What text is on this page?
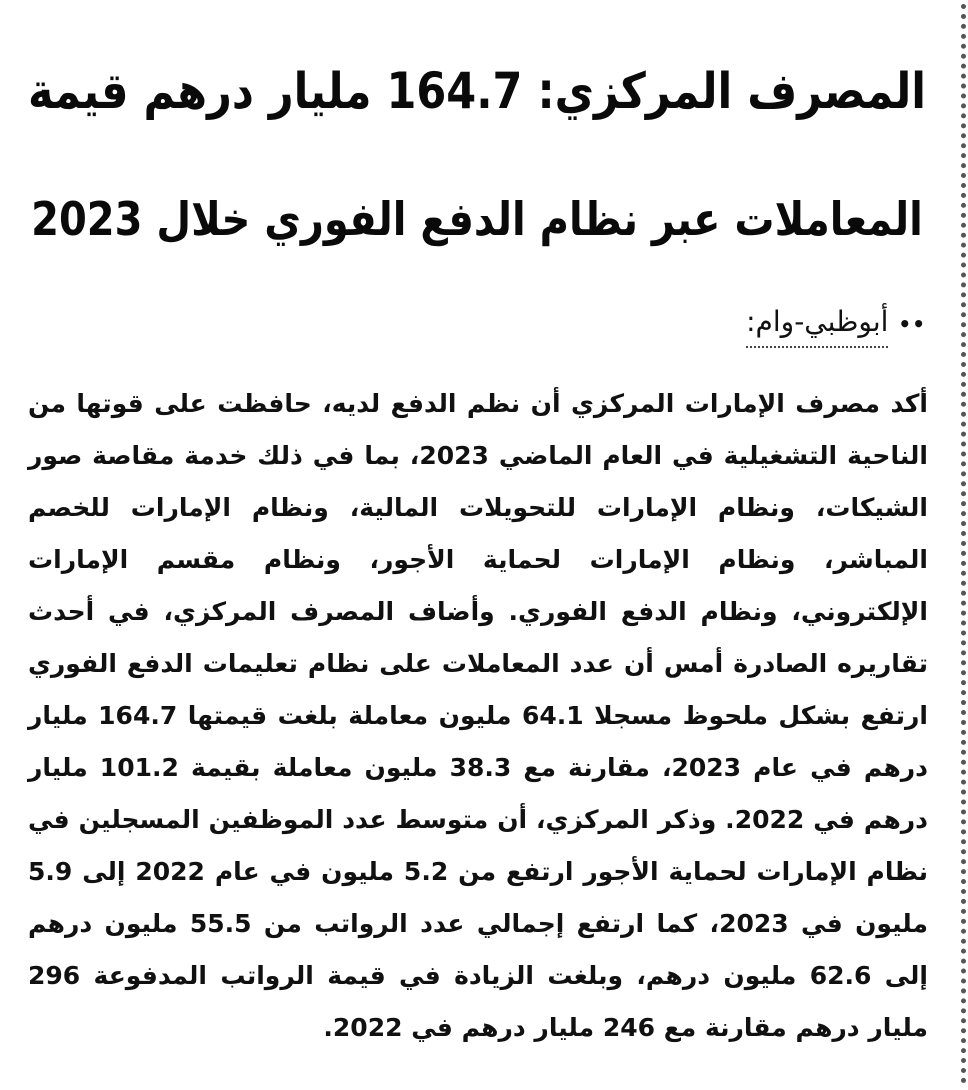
المصرف المركزي: 164.7 مليار درهم قيمة
المعاملات عبر نظام الدفع الفوري خلال 2023
••
أبوظبي-وام:

أكد مصرف الإمارات المركزي أن نظم الدفع لديه، حافظت على قوتها من الناحية التشغيلية في العام الماضي 2023، بما في ذلك خدمة مقاصة صور الشيكات، ونظام الإمارات للتحويلات المالية، ونظام الإمارات للخصم المباشر، ونظام الإمارات لحماية الأجور، ونظام مقسم الإمارات الإلكتروني، ونظام الدفع الفوري. وأضاف المصرف المركزي، في أحدث تقاريره الصادرة أمس أن عدد المعاملات على نظام تعليمات الدفع الفوري ارتفع بشكل ملحوظ مسجلا 64.1 مليون معاملة بلغت قيمتها 164.7 مليار درهم في عام 2023، مقارنة مع 38.3 مليون معاملة بقيمة 101.2 مليار درهم في 2022. وذكر المركزي، أن متوسط عدد الموظفين المسجلين في نظام الإمارات لحماية الأجور ارتفع من 5.2 مليون في عام 2022 إلى 5.9 مليون في 2023، كما ارتفع إجمالي عدد الرواتب من 55.5 مليون درهم إلى 62.6 مليون درهم، وبلغت الزيادة في قيمة الرواتب المدفوعة 296 مليار درهم مقارنة مع 246 مليار درهم في 2022.
